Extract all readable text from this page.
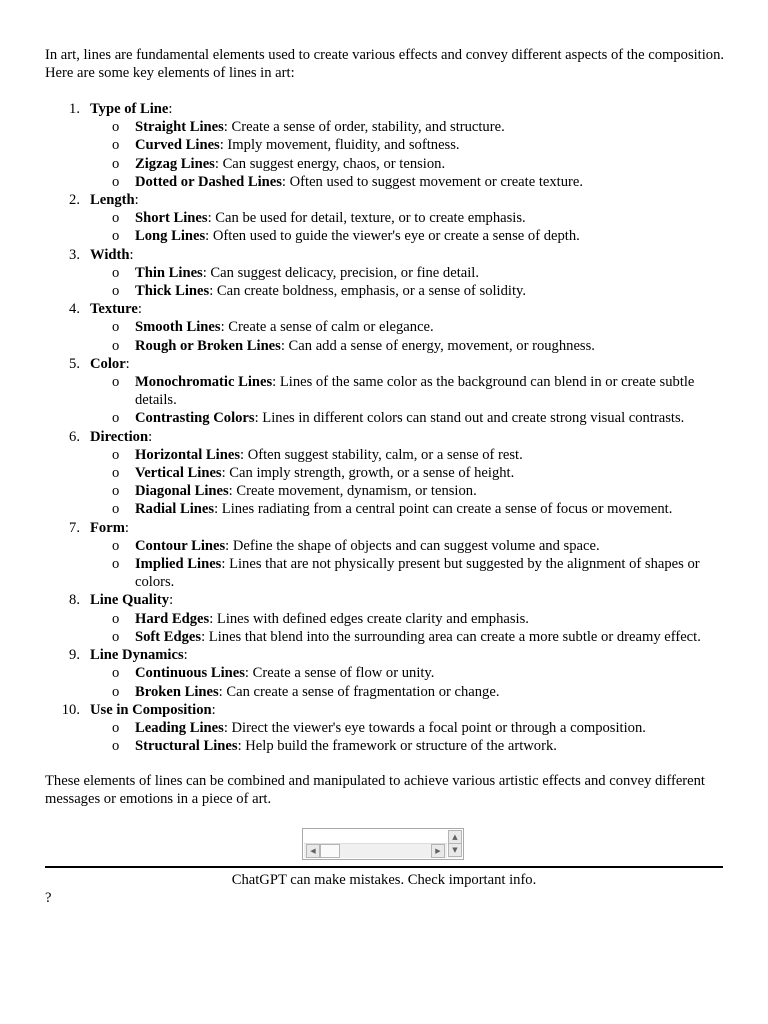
In art, lines are fundamental elements used to create various effects and convey different aspects of the composition. Here are some key elements of lines in art:

1. Type of Line:
o Straight Lines: Create a sense of order, stability, and structure.
o Curved Lines: Imply movement, fluidity, and softness.
o Zigzag Lines: Can suggest energy, chaos, or tension.
o Dotted or Dashed Lines: Often used to suggest movement or create texture.
2. Length:
o Short Lines: Can be used for detail, texture, or to create emphasis.
o Long Lines: Often used to guide the viewer's eye or create a sense of depth.
3. Width:
o Thin Lines: Can suggest delicacy, precision, or fine detail.
o Thick Lines: Can create boldness, emphasis, or a sense of solidity.
4. Texture:
o Smooth Lines: Create a sense of calm or elegance.
o Rough or Broken Lines: Can add a sense of energy, movement, or roughness.
5. Color:
o Monochromatic Lines: Lines of the same color as the background can blend in or create subtle details.
o Contrasting Colors: Lines in different colors can stand out and create strong visual contrasts.
6. Direction:
o Horizontal Lines: Often suggest stability, calm, or a sense of rest.
o Vertical Lines: Can imply strength, growth, or a sense of height.
o Diagonal Lines: Create movement, dynamism, or tension.
o Radial Lines: Lines radiating from a central point can create a sense of focus or movement.
7. Form:
o Contour Lines: Define the shape of objects and can suggest volume and space.
o Implied Lines: Lines that are not physically present but suggested by the alignment of shapes or colors.
8. Line Quality:
o Hard Edges: Lines with defined edges create clarity and emphasis.
o Soft Edges: Lines that blend into the surrounding area can create a more subtle or dreamy effect.
9. Line Dynamics:
o Continuous Lines: Create a sense of flow or unity.
o Broken Lines: Can create a sense of fragmentation or change.
10. Use in Composition:
o Leading Lines: Direct the viewer's eye towards a focal point or through a composition.
o Structural Lines: Help build the framework or structure of the artwork.

These elements of lines can be combined and manipulated to achieve various artistic effects and convey different messages or emotions in a piece of art.

▲
▼
◀	▶
ChatGPT can make mistakes. Check important info.
?
